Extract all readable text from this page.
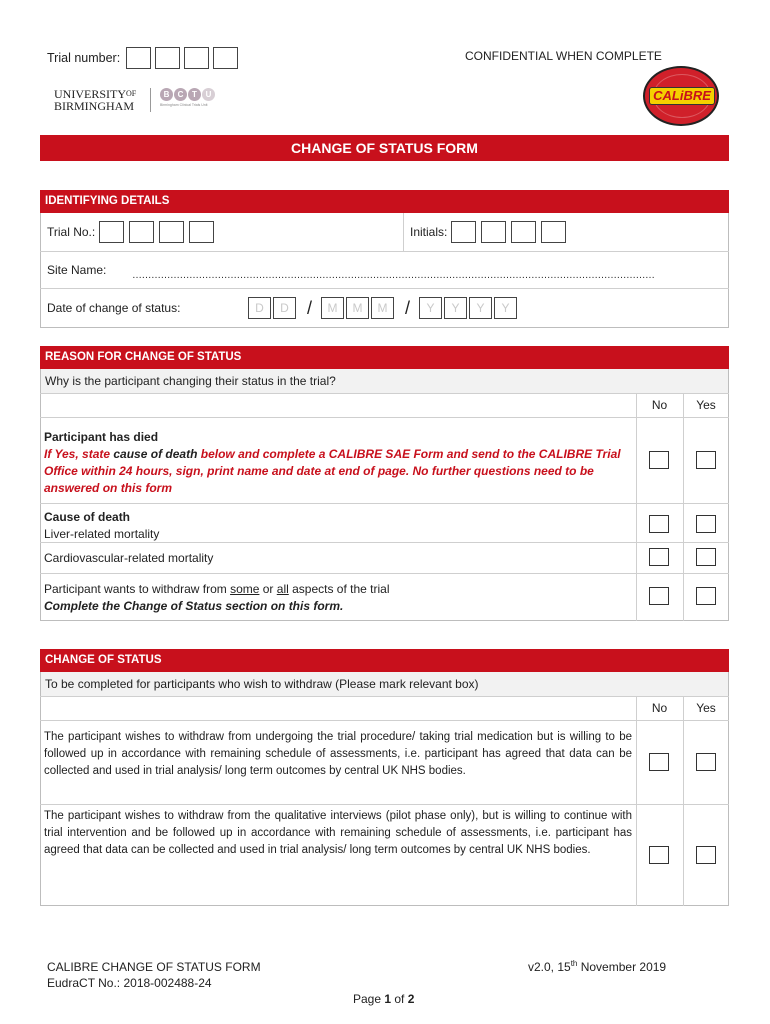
Trial number:	CONFIDENTIAL WHEN COMPLETE
$UNIVERSITY^{OF}$
BIRMINGHAM
B	C	T	U
Birmingham Clinical Trials Unit
CALiBRE
CHANGE OF STATUS FORM
IDENTIFYING DETAILS
Trial No.:	Initials:
Site Name:	…………………………………………………………………………………………………………………………………………………
Date of change of status:	D	D	/	M	M	M /	Y	Y	Y	Y
REASON FOR CHANGE OF STATUS
Why is the participant changing their status in the trial?
No	Yes
Participant has died
If Yes, state cause of death below and complete a CALIBRE SAE Form and send to the CALIBRE Trial Office within 24 hours, sign, print name and date at end of page. No further questions need to be answered on this form
Cause of death
Liver-related mortality
Cardiovascular-related mortality
Participant wants to withdraw from some or all aspects of the trial
Complete the Change of Status section on this form.
CHANGE OF STATUS
To be completed for participants who wish to withdraw (Please mark relevant box)
No	Yes
The participant wishes to withdraw from undergoing the trial procedure/ taking trial medication but is willing to be followed up in accordance with remaining schedule of assessments, i.e. participant has agreed that data can be collected and used in trial analysis/ long term outcomes by central UK NHS bodies.
The participant wishes to withdraw from the qualitative interviews (pilot phase only), but is willing to continue with trial intervention and be followed up in accordance with remaining schedule of assessments, i.e. participant has agreed that data can be collected and used in trial analysis/ long term outcomes by central UK NHS bodies.
CALIBRE CHANGE OF STATUS FORM
EudraCT No.: 2018-002488-24
v2.0, 15th November 2019
Page 1 of 2
